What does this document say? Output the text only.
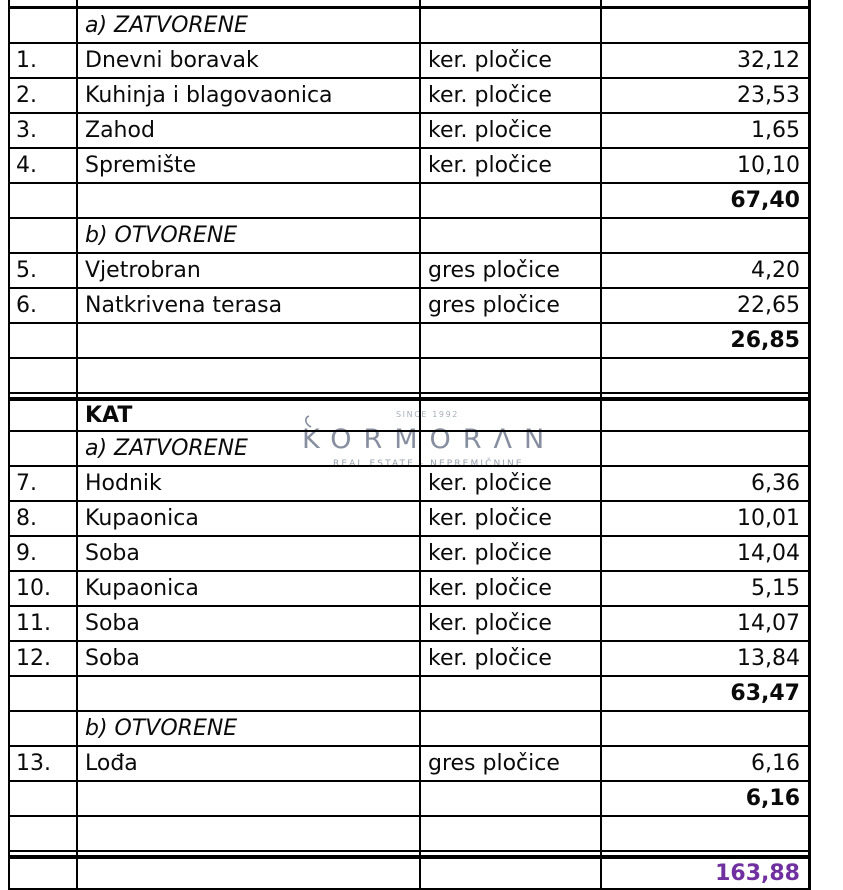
SINCE 1992
KORMORΛN
REAL ESTATE - NEPREMIČNINE
a) ZATVORENE
1.	Dnevni boravak	ker. pločice	32,12
2.	Kuhinja i blagovaonica	ker. pločice	23,53
3.	Zahod	ker. pločice	1,65
4.	Spremište	ker. pločice	10,10
67,40
b) OTVORENE
5.	Vjetrobran	gres pločice	4,20
6.	Natkrivena terasa	gres pločice	22,65
26,85
KAT
a) ZATVORENE
7.	Hodnik	ker. pločice	6,36
8.	Kupaonica	ker. pločice	10,01
9.	Soba	ker. pločice	14,04
10.	Kupaonica	ker. pločice	5,15
11.	Soba	ker. pločice	14,07
12.	Soba	ker. pločice	13,84
63,47
b) OTVORENE
13.	Lođa	gres pločice	6,16
6,16
163,88
